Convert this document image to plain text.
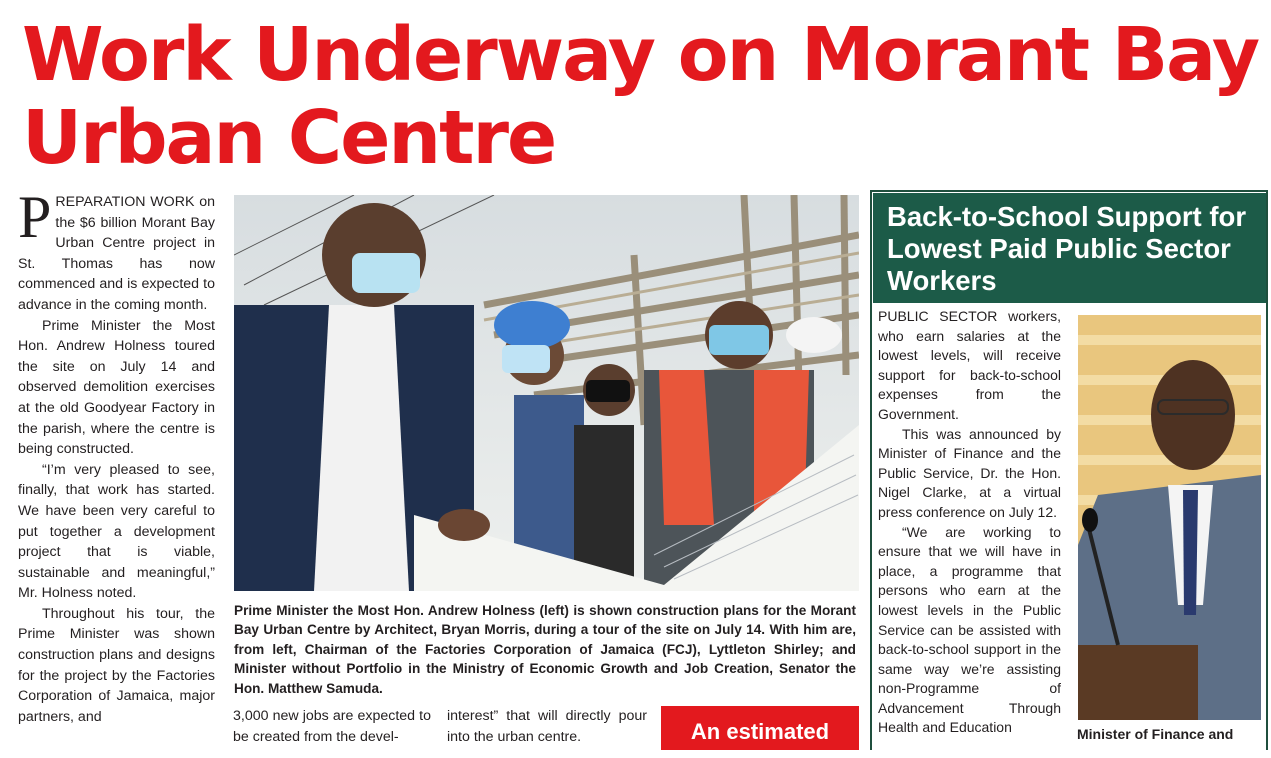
Work Underway on Morant Bay Urban Centre

PREPARATION WORK on the $6 billion Morant Bay Urban Centre project in St. Thomas has now commenced and is expected to advance in the coming month.

Prime Minister the Most Hon. Andrew Holness toured the site on July 14 and observed demolition exercises at the old Goodyear Factory in the parish, where the centre is being constructed.

“I’m very pleased to see, finally, that work has started. We have been very careful to put together a development project that is viable, sustainable and meaningful,” Mr. Holness noted.

Throughout his tour, the Prime Minister was shown construction plans and designs for the project by the Factories Corporation of Jamaica, major partners, and

Prime Minister the Most Hon. Andrew Holness (left) is shown construction plans for the Morant Bay Urban Centre by Architect, Bryan Morris, during a tour of the site on July 14. With him are, from left, Chairman of the Factories Corporation of Jamaica (FCJ), Lyttleton Shirley; and Minister without Portfolio in the Ministry of Economic Growth and Job Creation, Senator the Hon. Matthew Samuda.

3,000 new jobs are expected to be created from the devel-

interest” that will directly pour into the urban centre.	An estimated
Back-to-School Support for Lowest Paid Public Sector Workers

PUBLIC SECTOR workers, who earn salaries at the lowest levels, will receive support for back-to-school expenses from the Government.

This was announced by Minister of Finance and the Public Service, Dr. the Hon. Nigel Clarke, at a virtual press conference on July 12.

“We are working to ensure that we will have in place, a programme that persons who earn at the lowest levels in the Public Service can be assisted with back-to-school support in the same way we’re assisting non-Programme of Advancement Through Health and Education	Minister of Finance and
